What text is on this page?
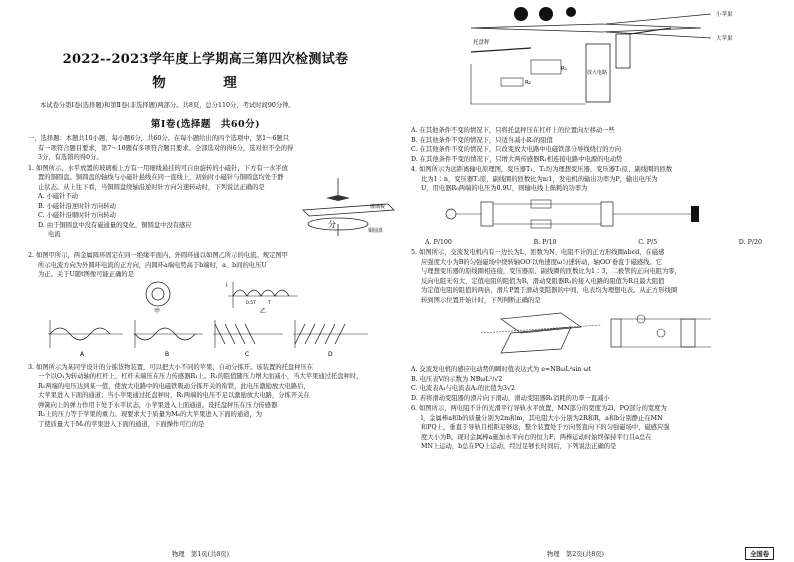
2022--2023学年度上学期高三第四次检测试卷
物　理

本试卷分第Ⅰ卷(选择题)和第Ⅱ卷(非选择题)两部分。共8页，总分110分，考试时间90分钟。

第Ⅰ卷(选择题　共60分)

一、选择题：本题共10小题，每小题6分，共60分。在每小题给出的四个选项中，第1～6题只

有一项符合题目要求，第7～10题有多项符合题目要求。全部选对的得6分，选对但不全的得

3分，有选错的得0分。

1. 如图所示，水平放置的玻璃板上方有一用细线悬挂的可自由旋转的小磁针，下方有一水平放

置的铜圆盘。铜圆盘的轴线与小磁针悬线在同一直线上，初始时小磁针与铜圆盘均处于静

止状态。从上往下看，当铜圆盘绕轴沿逆时针方向匀速转动时，下列说法正确的是

A. 小磁针不动

B. 小磁针沿逆时针方向转动

C. 小磁针沿顺时针方向转动

D. 由于铜圆盘中没有磁通量的变化，铜圆盘中没有感应

电流

玻璃板
铜圆盘
分

2. 如图甲所示，两金属圆环固定在同一绝缘平面内，外圆环通以如图乙所示的电流。规定图甲

所示电流方向为外圆环电流的正方向，内圆环a端电势高于b端时，a、b间的电压U

为正。关于U随t图像可能正确的是

甲
i
0.5T	T
乙

A	B	C	D

3. 如图所示为某同学设计的分拣货物装置，可以把大小不同的苹果，自动分拣开。该装置的托盘秤压在

一个以O₁为转动轴的杠杆上，杠杆末端压在压力传感器R₁上。R₁的阻值随压力增大而减小，当大苹果通过托盘秤时，

R₁两端的电压达到某一值，使放大电路中的电磁铁吸动分拣开关的衔铁，此电压激励放大电路后，

大苹果进入下面的通道；当小苹果通过托盘秤时，R₁两端的电压不足以激励放大电路，分拣开关在

弹簧向上的弹力作用下处于水平状态，小苹果进入上面通道。设托盘秤压在压力传感器

R₁上的压力等于苹果的重力。现要求大于质量为M₀的大苹果进入下面的通道，为

了使质量大于M₀的苹果进入下面的通道，下面操作可行的是

物理　第1页(共8页)
小苹果
大苹果
托盘秤
R₁
放大电路
R₂

A. 在其他条件不变的情况下，只将托盘秤压在杠杆上的位置向左移动一些

B. 在其他条件不变的情况下，只适当减小R₂的阻值

C. 在其他条件不变的情况下，只改变放大电路中电磁铁部分导线绕行的方向

D. 在其他条件不变的情况下，只增大两传感器R₁相连接电路中电源的电动势

4. 如图所示为远距离输电原理图，变压器T₁、T₂均为理想变压器，变压器T₁原、副线圈的匝数

比为1∶n，变压器T₂原、副线圈的匝数比为n∶1，发电机的输出功率为P，输出电压为

U，用电器R₀两端的电压为0.9U，则输电线上损耗的功率为

A. P/100	B. P/10	C. P/5	D. P/20

5. 如图所示，交流发电机内有一边长为L、匝数为N、电阻不计的正方形线圈abcd，在磁感

应强度大小为B的匀强磁场中绕转轴OO′以角速度ω匀速转动，轴OO′垂直于磁感线。它

与理想变压器的原线圈相连接，变压器原、副线圈的匝数比为1∶3，二极管的正向电阻为零，

反向电阻无穷大，定值电阻的阻值为R，滑动变阻器R₁的接入电路的阻值为R且最大阻值

为定值电阻的阻值的两倍，滑片P置于滑动变阻器的中间，电表均为理想电表。从正方形线圈

转到图示位置开始计时，下列判断正确的是

A. 交流发电机的感应电动势的瞬时值表达式为 e=NBωL²sin ωt

B. 电压表V的示数为 NBωL²/√2

C. 电流表A₁与电流表A₂的比值为3√2

D. 若将滑动变阻器的滑片向下滑动，滑动变阻器R₁消耗的功率一直减小

6. 如图所示，两电阻不计的光滑平行导轨水平放置，MN部分的宽度为2l，PQ部分的宽度为

l，金属棒a和b的质量分别为2m和m，其电阻大小分别为2R和R，a和b分别静止在MN

和PQ上，垂直于导轨且相距足够远，整个装置处于方向竖直向下的匀强磁场中，磁感应强

度大小为B。现对金属棒a施加水平向右的恒力F，两棒运动时始终保持平行且a总在

MN上运动，b总在PQ上运动，经过足够长时间后，下列说法正确的是

物理　第2页(共8页)	全国卷
